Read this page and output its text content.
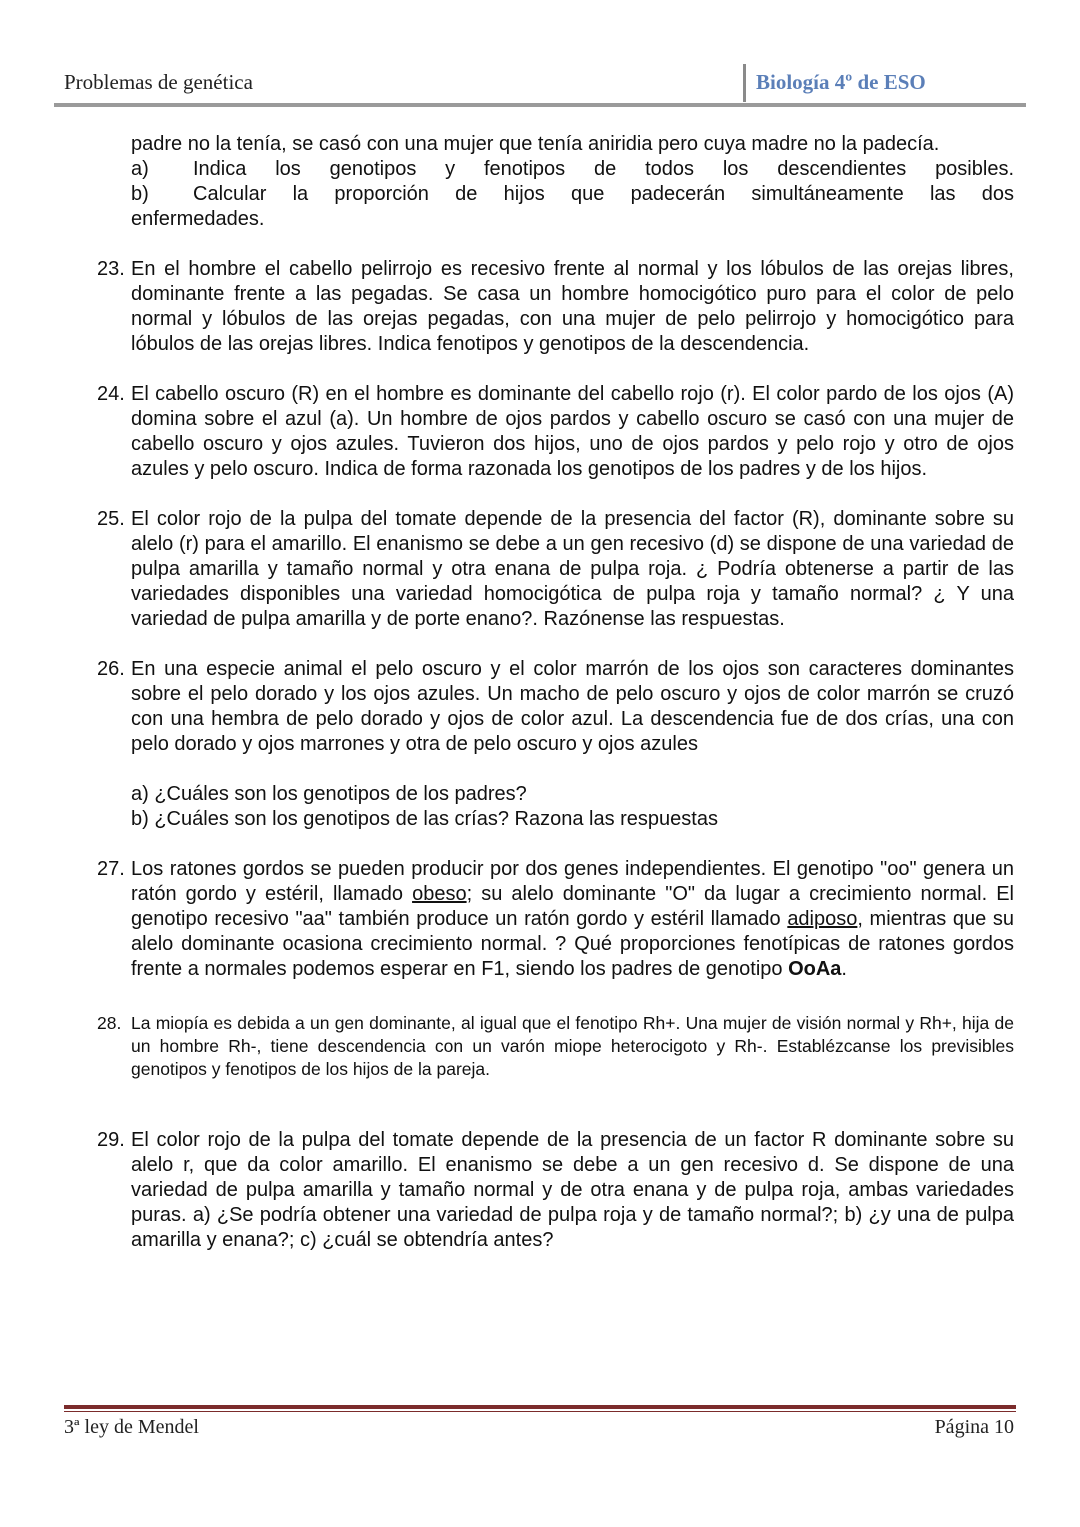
Problemas de genética	Biología 4º de ESO
padre no la tenía, se casó con una mujer que tenía aniridia pero cuya madre no la padecía.
a) Indica los genotipos y fenotipos de todos los descendientes posibles.
b) Calcular la proporción de hijos que padecerán simultáneamente las dos
enfermedades.
23. En el hombre el cabello pelirrojo es recesivo frente al normal y los lóbulos de las orejas libres, dominante frente a las pegadas. Se casa un hombre homocigótico puro para el color de pelo normal y lóbulos de las orejas pegadas, con una mujer de pelo pelirrojo y homocigótico para lóbulos de las orejas libres. Indica fenotipos y genotipos de la descendencia.
24. El cabello oscuro (R) en el hombre es dominante del cabello rojo (r). El color pardo de los ojos (A) domina sobre el azul (a). Un hombre de ojos pardos y cabello oscuro se casó con una mujer de cabello oscuro y ojos azules. Tuvieron dos hijos, uno de ojos pardos y pelo rojo y otro de ojos azules y pelo oscuro. Indica de forma razonada los genotipos de los padres y de los hijos.
25. El color rojo de la pulpa del tomate depende de la presencia del factor (R), dominante sobre su alelo (r) para el amarillo. El enanismo se debe a un gen recesivo (d) se dispone de una variedad de pulpa amarilla y tamaño normal y otra enana de pulpa roja. ¿ Podría obtenerse a partir de las variedades disponibles una variedad homocigótica de pulpa roja y tamaño normal? ¿ Y una variedad de pulpa amarilla y de porte enano?. Razónense las respuestas.
26. En una especie animal el pelo oscuro y el color marrón de los ojos son caracteres dominantes sobre el pelo dorado y los ojos azules. Un macho de pelo oscuro y ojos de color marrón se cruzó con una hembra de pelo dorado y ojos de color azul. La descendencia fue de dos crías, una con pelo dorado y ojos marrones y otra de pelo oscuro y ojos azules
a) ¿Cuáles son los genotipos de los padres?
b) ¿Cuáles son los genotipos de las crías? Razona las respuestas
27. Los ratones gordos se pueden producir por dos genes independientes. El genotipo "oo" genera un ratón gordo y estéril, llamado obeso; su alelo dominante "O" da lugar a crecimiento normal. El genotipo recesivo "aa" también produce un ratón gordo y estéril llamado adiposo, mientras que su alelo dominante ocasiona crecimiento normal. ? Qué proporciones fenotípicas de ratones gordos frente a normales podemos esperar en F1, siendo los padres de genotipo OoAa.
28. La miopía es debida a un gen dominante, al igual que el fenotipo Rh+. Una mujer de visión normal y Rh+, hija de un hombre Rh-, tiene descendencia con un varón miope heterocigoto y Rh-. Establézcanse los previsibles genotipos y fenotipos de los hijos de la pareja.
29. El color rojo de la pulpa del tomate depende de la presencia de un factor R dominante sobre su alelo r, que da color amarillo. El enanismo se debe a un gen recesivo d. Se dispone de una variedad de pulpa amarilla y tamaño normal y de otra enana y de pulpa roja, ambas variedades puras. a) ¿Se podría obtener una variedad de pulpa roja y de tamaño normal?; b) ¿y una de pulpa amarilla y enana?; c) ¿cuál se obtendría antes?
3ª ley de Mendel	Página 10
